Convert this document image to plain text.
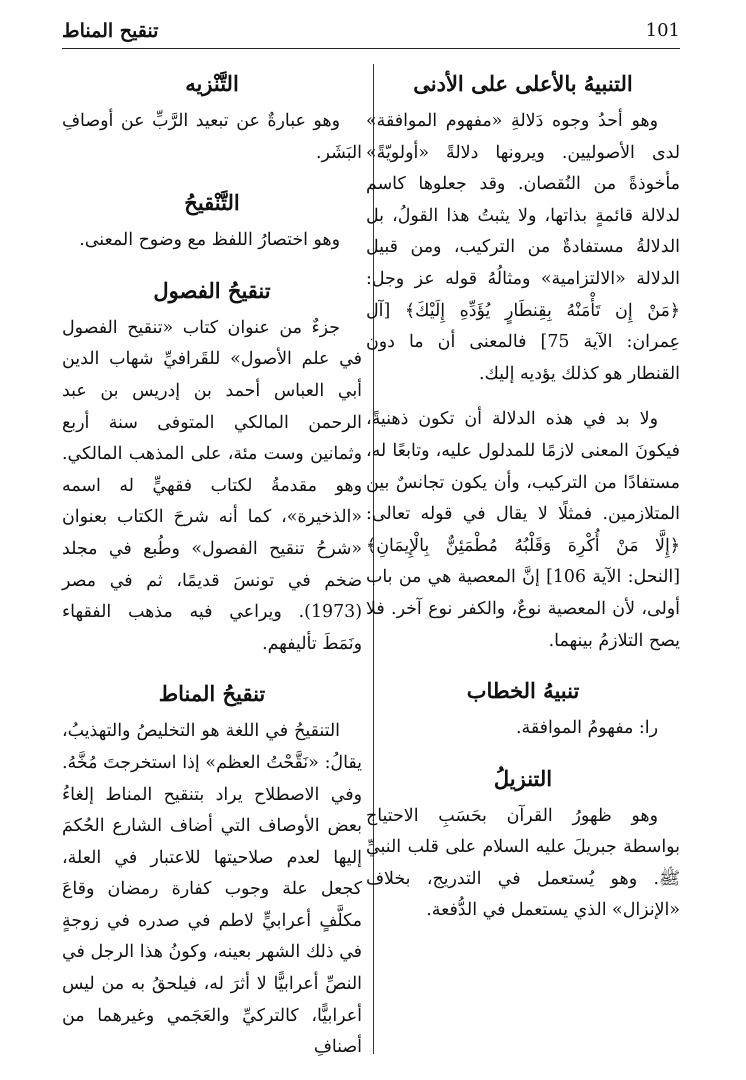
تنقيح المناط	101
التنبيهُ بالأعلى على الأدنى

وهو أحدُ وجوه دَلالةِ «مفهوم الموافقة» لدى الأصوليين. ويرونها دلالةً «أولويّةً» مأخوذةً من النُقصان. وقد جعلوها كاسم لدلالة قائمةٍ بذاتها، ولا يثبتُ هذا القولُ، بل الدلالةُ مستفادةٌ من التركيب، ومن قبيل الدلالة «الالتزامية» ومثالُهُ قوله عز وجل: ﴿مَنْ إِن تَأْمَنْهُ بِقِنطَارٍ يُؤَدِّهِ إِلَيْكَ﴾ [آل عِمران: الآية 75] فالمعنى أن ما دون القنطار هو كذلك يؤديه إليك.

ولا بد في هذه الدلالة أن تكون ذهنيةً، فيكونَ المعنى لازمًا للمدلول عليه، وتابعًا له، مستفادًا من التركيب، وأن يكون تجانسٌ بين المتلازمين. فمثلًا لا يقال في قوله تعالى: ﴿إِلَّا مَنْ أُكْرِهَ وَقَلْبُهُ مُطْمَئِنٌّ بِالْإِيمَانِ﴾ [النحل: الآية 106] إنَّ المعصية هي من باب أولى، لأن المعصية نوعٌ، والكفر نوع آخر. فلا يصح التلازمُ بينهما.

تنبيهُ الخطاب

را: مفهومُ الموافقة.

التنزيلُ

وهو ظهورُ القرآن بحَسَبِ الاحتياج بواسطة جبريلَ عليه السلام على قلب النبيِّ ﷺ. وهو يُستعمل في التدريج، بخلاف «الإنزال» الذي يستعمل في الدُّفعة.

التَّنْزيه

وهو عبارةٌ عن تبعيد الرَّبِّ عن أوصافِ البَشَر.

التَّنْقيحُ

وهو اختصارُ اللفظ مع وضوح المعنى.

تنقيحُ الفصول

جزءٌ من عنوان كتاب «تنقيح الفصول في علم الأصول» للقَرافيِّ شهاب الدين أبي العباس أحمد بن إدريس بن عبد الرحمن المالكي المتوفى سنة أربع وثمانين وست مئة، على المذهب المالكي. وهو مقدمةُ لكتاب فقهيٍّ له اسمه «الذخيرة»، كما أنه شرحَ الكتاب بعنوان «شرحُ تنقيح الفصول» وطُبع في مجلد ضخم في تونسَ قديمًا، ثم في مصر (1973). ويراعي فيه مذهب الفقهاء ونَمَطَ تأليفهم.

تنقيحُ المناط

التنقيحُ في اللغة هو التخليصُ والتهذيبُ، يقالُ: «نَقَّحْتُ العظم» إذا استخرجتَ مُخَّهُ. وفي الاصطلاح يراد بتنقيح المناط إلغاءُ بعض الأوصاف التي أضاف الشارع الحُكمَ إليها لعدم صلاحيتها للاعتبار في العلة، كجعل علة وجوب كفارة رمضان وقاعَ مكلَّفٍ أعرابيٍّ لاطم في صدره في زوجةٍ في ذلك الشهر بعينه، وكونُ هذا الرجل في النصِّ أعرابيًّا لا أثرَ له، فيلحقُ به من ليس أعرابيًّا، كالتركيِّ والعَجَمي وغيرهما من أصنافِ
